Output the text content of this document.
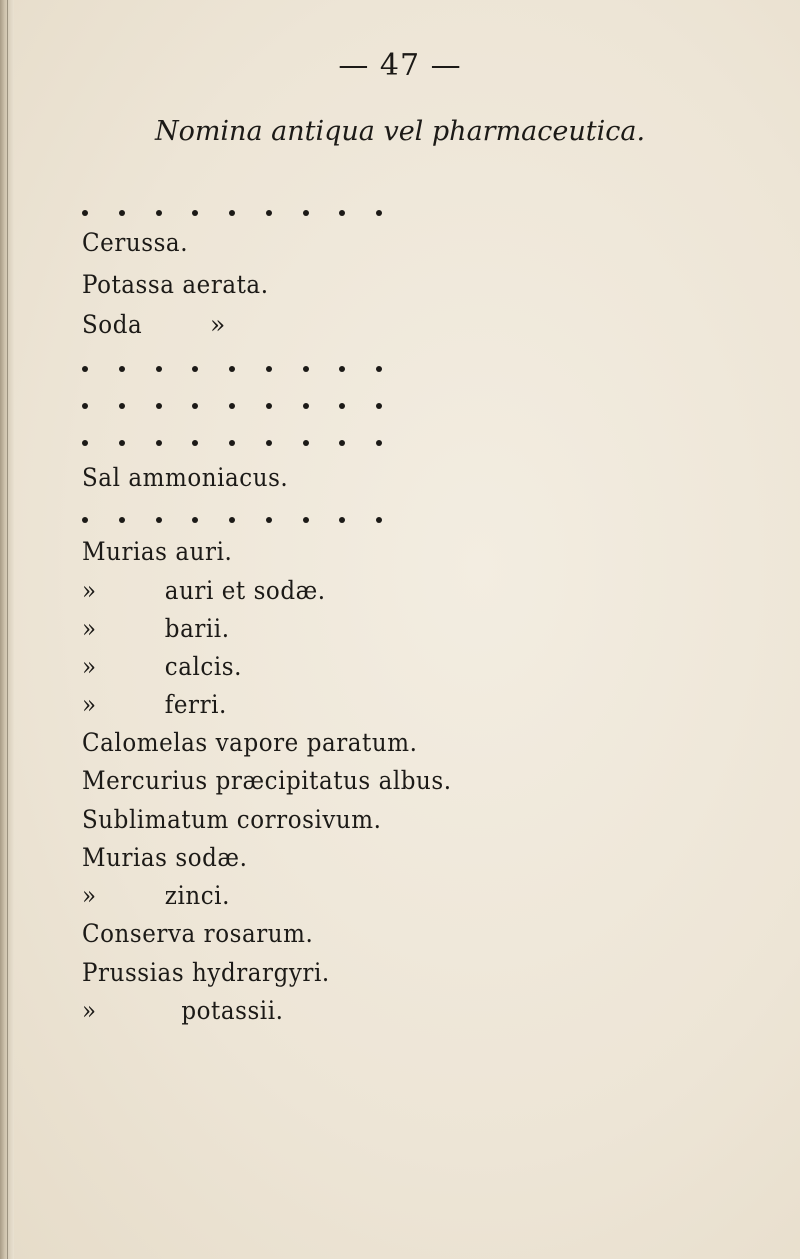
— 47 —
Nomina antiqua vel pharmaceutica.
Cerussa.
Potassa aerata.
Soda	»
Sal ammoniacus.
Murias auri.
»	auri et sodæ.
»	barii.
»	calcis.
»	ferri.
Calomelas vapore paratum.
Mercurius præcipitatus albus.
Sublimatum corrosivum.
Murias sodæ.
»	zinci.
Conserva rosarum.
Prussias hydrargyri.
»	potassii.
